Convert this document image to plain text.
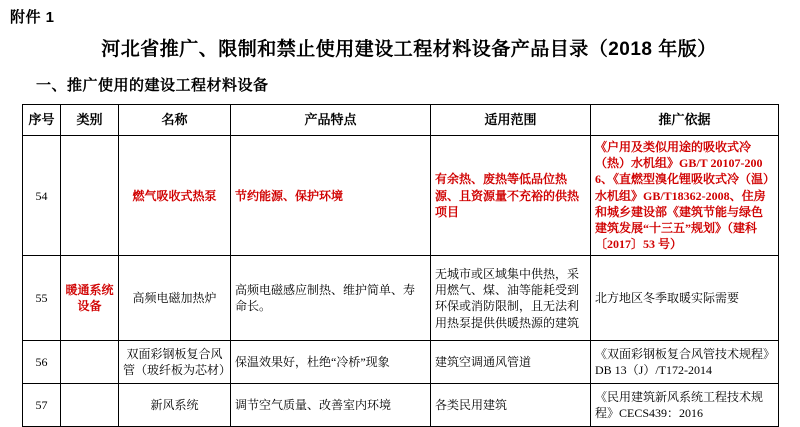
附件 1
河北省推广、限制和禁止使用建设工程材料设备产品目录（2018 年版）
一、推广使用的建设工程材料设备
序号	类别	名称	产品特点	适用范围	推广依据
54		燃气吸收式热泵	节约能源、保护环境	有余热、废热等低品位热源、且资源量不充裕的供热项目	《户用及类似用途的吸收式冷（热）水机组》GB/T 20107-2006、《直燃型溴化锂吸收式冷（温）水机组》GB/T18362-2008、住房和城乡建设部《建筑节能与绿色建筑发展“十三五”规划》（建科〔2017〕53 号）
55	暖通系统设备	高频电磁加热炉	高频电磁感应制热、维护简单、寿命长。	无城市或区域集中供热，采用燃气、煤、油等能耗受到环保或消防限制，且无法利用热泵提供供暖热源的建筑	北方地区冬季取暖实际需要
56		双面彩钢板复合风管（玻纤板为芯材）	保温效果好，杜绝“冷桥”现象	建筑空调通风管道	《双面彩钢板复合风管技术规程》DB 13（J）/T172-2014
57		新风系统	调节空气质量、改善室内环境	各类民用建筑	《民用建筑新风系统工程技术规程》CECS439：2016
